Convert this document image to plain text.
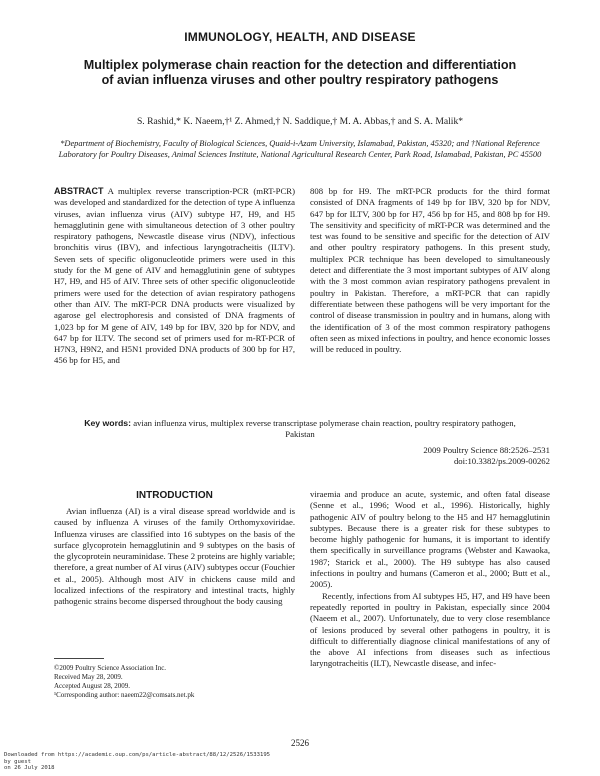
IMMUNOLOGY, HEALTH, AND DISEASE
Multiplex polymerase chain reaction for the detection and differentiation
of avian influenza viruses and other poultry respiratory pathogens
S. Rashid,* K. Naeem,†¹ Z. Ahmed,† N. Saddique,† M. A. Abbas,† and S. A. Malik*
*Department of Biochemistry, Faculty of Biological Sciences, Quaid-i-Azam University, Islamabad, Pakistan, 45320; and †National Reference Laboratory for Poultry Diseases, Animal Sciences Institute, National Agricultural Research Center, Park Road, Islamabad, Pakistan, PC 45500
ABSTRACT A multiplex reverse transcription-PCR (mRT-PCR) was developed and standardized for the detection of type A influenza viruses, avian influenza virus (AIV) subtype H7, H9, and H5 hemagglutinin gene with simultaneous detection of 3 other poultry respiratory pathogens, Newcastle disease virus (NDV), infectious bronchitis virus (IBV), and infectious laryngotracheitis (ILTV). Seven sets of specific oligonucleotide primers were used in this study for the M gene of AIV and hemagglutinin gene of subtypes H7, H9, and H5 of AIV. Three sets of other specific oligonucleotide primers were used for the detection of avian respiratory pathogens other than AIV. The mRT-PCR DNA products were visualized by agarose gel electrophoresis and consisted of DNA fragments of 1,023 bp for M gene of AIV, 149 bp for IBV, 320 bp for NDV, and 647 bp for ILTV. The second set of primers used for m-RT-PCR of H7N3, H9N2, and H5N1 provided DNA products of 300 bp for H7, 456 bp for H5, and
808 bp for H9. The mRT-PCR products for the third format consisted of DNA fragments of 149 bp for IBV, 320 bp for NDV, 647 bp for ILTV, 300 bp for H7, 456 bp for H5, and 808 bp for H9. The sensitivity and specificity of mRT-PCR was determined and the test was found to be sensitive and specific for the detection of AIV and other poultry respiratory pathogens. In this present study, multiplex PCR technique has been developed to simultaneously detect and differentiate the 3 most important subtypes of AIV along with the 3 most common avian respiratory pathogens prevalent in poultry in Pakistan. Therefore, a mRT-PCR that can rapidly differentiate between these pathogens will be very important for the control of disease transmission in poultry and in humans, along with the identification of 3 of the most common respiratory pathogens often seen as mixed infections in poultry, and hence economic losses will be reduced in poultry.
Key words: avian influenza virus, multiplex reverse transcriptase polymerase chain reaction, poultry respiratory pathogen, Pakistan
2009 Poultry Science 88:2526–2531
doi:10.3382/ps.2009-00262
INTRODUCTION

Avian influenza (AI) is a viral disease spread worldwide and is caused by influenza A viruses of the family Orthomyxoviridae. Influenza viruses are classified into 16 subtypes on the basis of the surface glycoprotein hemagglutinin and 9 subtypes on the basis of the glycoprotein neuraminidase. These 2 proteins are highly variable; therefore, a great number of AI virus (AIV) subtypes occur (Fouchier et al., 2005). Although most AIV in chickens cause mild and localized infections of the respiratory and intestinal tracts, highly pathogenic strains become dispersed throughout the body causing

viraemia and produce an acute, systemic, and often fatal disease (Senne et al., 1996; Wood et al., 1996). Historically, highly pathogenic AIV of poultry belong to the H5 and H7 hemagglutinin subtypes. Because there is a greater risk for these subtypes to become highly pathogenic for humans, it is important to identify them specifically in surveillance programs (Webster and Kawaoka, 1987; Starick et al., 2000). The H9 subtype has also caused infections in poultry and humans (Cameron et al., 2000; Butt et al., 2005).

Recently, infections from AI subtypes H5, H7, and H9 have been repeatedly reported in poultry in Pakistan, especially since 2004 (Naeem et al., 2007). Unfortunately, due to very close resemblance of lesions produced by several other pathogens in poultry, it is difficult to differentially diagnose clinical manifestations of any of the above AI infections from diseases such as infectious laryngotracheitis (ILT), Newcastle disease, and infec-

©2009 Poultry Science Association Inc.
Received May 28, 2009.
Accepted August 28, 2009.
¹Corresponding author: naeem22@comsats.net.pk
2526
Downloaded from https://academic.oup.com/ps/article-abstract/88/12/2526/1533195
by guest
on 26 July 2018
